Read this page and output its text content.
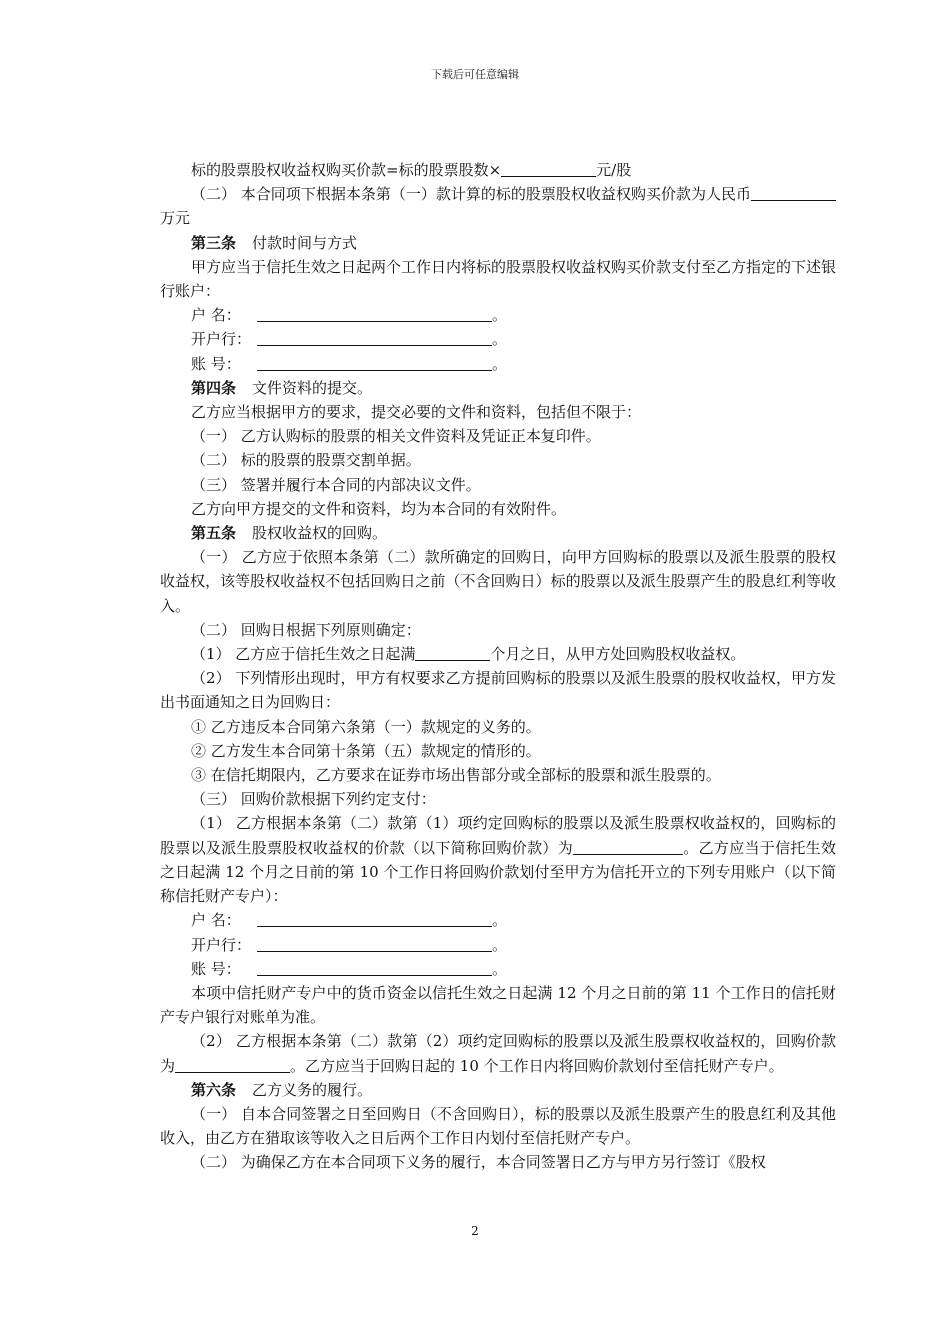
下载后可任意编辑

标的股票股权收益权购买价款=标的股票股数×	元/股

（二） 本合同项下根据本条第（一）款计算的标的股票股权收益权购买价款为人民币万元

第三条 付款时间与方式

甲方应当于信托生效之日起两个工作日内将标的股票股权收益权购买价款支付至乙方指定的下述银行账户：

户 名：	。

开户行：	。

账 号：	。

第四条 文件资料的提交。

乙方应当根据甲方的要求，提交必要的文件和资料，包括但不限于：

（一） 乙方认购标的股票的相关文件资料及凭证正本复印件。

（二） 标的股票的股票交割单据。

（三） 签署并履行本合同的内部决议文件。

乙方向甲方提交的文件和资料，均为本合同的有效附件。

第五条 股权收益权的回购。

（一） 乙方应于依照本条第（二）款所确定的回购日，向甲方回购标的股票以及派生股票的股权收益权，该等股权收益权不包括回购日之前（不含回购日）标的股票以及派生股票产生的股息红利等收入。

（二） 回购日根据下列原则确定：

（1） 乙方应于信托生效之日起满	个月之日，从甲方处回购股权收益权。

（2） 下列情形出现时，甲方有权要求乙方提前回购标的股票以及派生股票的股权收益权，甲方发出书面通知之日为回购日：

① 乙方违反本合同第六条第（一）款规定的义务的。

② 乙方发生本合同第十条第（五）款规定的情形的。

③ 在信托期限内，乙方要求在证券市场出售部分或全部标的股票和派生股票的。

（三） 回购价款根据下列约定支付：

（1） 乙方根据本条第（二）款第（1）项约定回购标的股票以及派生股票权收益权的，回购标的股票以及派生股票股权收益权的价款（以下简称回购价款）为	。乙方应当于信托生效之日起满 12 个月之日前的第 10 个工作日将回购价款划付至甲方为信托开立的下列专用账户（以下简称信托财产专户）：

户 名：	。

开户行：	。

账 号：	。

本项中信托财产专户中的货币资金以信托生效之日起满 12 个月之日前的第 11 个工作日的信托财产专户银行对账单为准。

（2） 乙方根据本条第（二）款第（2）项约定回购标的股票以及派生股票权收益权的，回购价款为	。乙方应当于回购日起的 10 个工作日内将回购价款划付至信托财产专户。

第六条 乙方义务的履行。

（一） 自本合同签署之日至回购日（不含回购日），标的股票以及派生股票产生的股息红利及其他收入，由乙方在猎取该等收入之日后两个工作日内划付至信托财产专户。

（二） 为确保乙方在本合同项下义务的履行，本合同签署日乙方与甲方另行签订《股权

2
